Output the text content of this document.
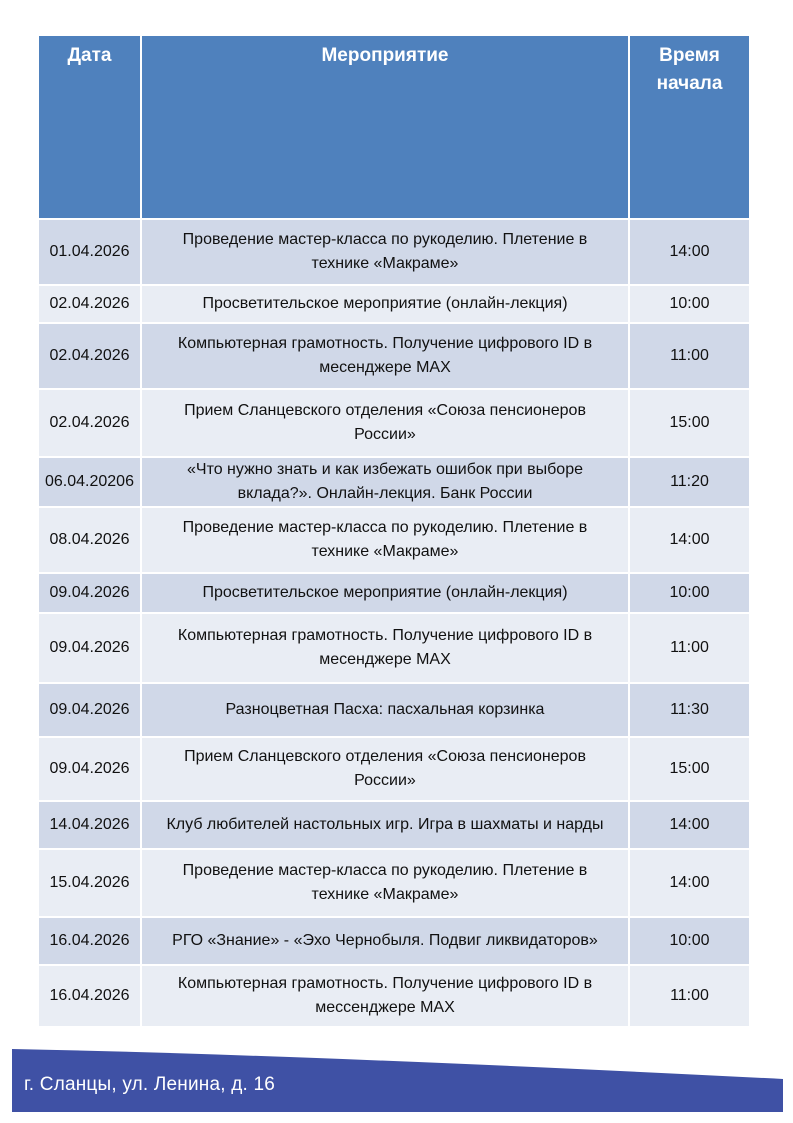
Дата	Мероприятие	Время начала

01.04.2026	Проведение мастер-класса по рукоделию. Плетение в технике «Макраме»	14:00
02.04.2026	Просветительское мероприятие (онлайн-лекция)	10:00
02.04.2026	Компьютерная грамотность. Получение цифрового ID в месенджере MAX	11:00
02.04.2026	Прием Сланцевского отделения «Союза пенсионеров России»	15:00
06.04.20206	«Что нужно знать и как избежать ошибок при выборе вклада?». Онлайн-лекция. Банк России	11:20
08.04.2026	Проведение мастер-класса по рукоделию. Плетение в технике «Макраме»	14:00
09.04.2026	Просветительское мероприятие (онлайн-лекция)	10:00
09.04.2026	Компьютерная грамотность. Получение цифрового ID в месенджере MAX	11:00
09.04.2026	Разноцветная Пасха: пасхальная корзинка	11:30
09.04.2026	Прием Сланцевского отделения «Союза пенсионеров России»	15:00
14.04.2026	Клуб любителей настольных игр. Игра в шахматы и нарды	14:00
15.04.2026	Проведение мастер-класса по рукоделию. Плетение в технике «Макраме»	14:00
16.04.2026	РГО «Знание» - «Эхо Чернобыля. Подвиг ликвидаторов»	10:00
16.04.2026	Компьютерная грамотность. Получение цифрового ID в мессенджере MAX	11:00
г. Сланцы, ул. Ленина, д. 16
